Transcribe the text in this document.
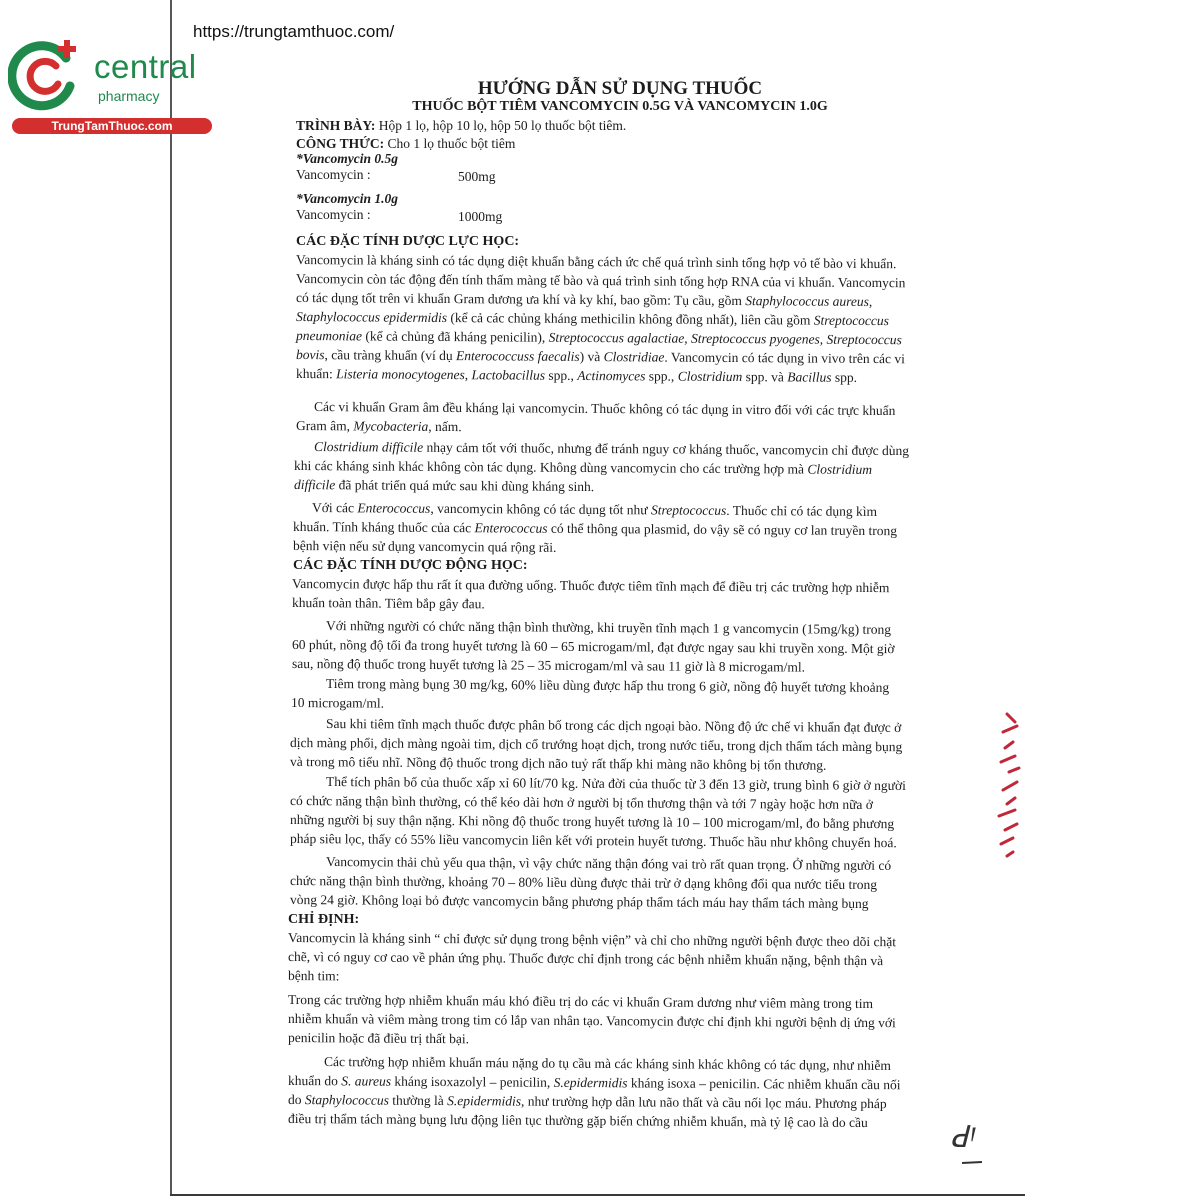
https://trungtamthuoc.com/
central
pharmacy
TrungTamThuoc.com
HƯỚNG DẪN SỬ DỤNG THUỐC
THUỐC BỘT TIÊM VANCOMYCIN 0.5G VÀ VANCOMYCIN 1.0G
TRÌNH BÀY: Hộp 1 lọ, hộp 10 lọ, hộp 50 lọ thuốc bột tiêm.
CÔNG THỨC: Cho 1 lọ thuốc bột tiêm
*Vancomycin 0.5g
Vancomycin :	500mg
*Vancomycin 1.0g
Vancomycin :	1000mg
CÁC ĐẶC TÍNH DƯỢC LỰC HỌC:
Vancomycin là kháng sinh có tác dụng diệt khuẩn bằng cách ức chế quá trình sinh tổng hợp vỏ tế bào vi khuẩn.
Vancomycin còn tác động đến tính thấm màng tế bào và quá trình sinh tổng hợp RNA của vi khuẩn. Vancomycin
có tác dụng tốt trên vi khuẩn Gram dương ưa khí và ky khí, bao gồm: Tụ cầu, gồm Staphylococcus aureus,
Staphylococcus epidermidis (kể cả các chủng kháng methicilin không đồng nhất), liên cầu gồm Streptococcus
pneumoniae (kể cả chủng đã kháng penicilin), Streptococcus agalactiae, Streptococcus pyogenes, Streptococcus
bovis, cầu tràng khuẩn (ví dụ Enterococcuss faecalis) và Clostridiae. Vancomycin có tác dụng in vivo trên các vi
khuẩn: Listeria monocytogenes, Lactobacillus spp., Actinomyces spp., Clostridium spp. và Bacillus spp.
Các vi khuẩn Gram âm đều kháng lại vancomycin. Thuốc không có tác dụng in vitro đối với các trực khuẩn
Gram âm, Mycobacteria, nấm.
Clostridium difficile nhạy cảm tốt với thuốc, nhưng để tránh nguy cơ kháng thuốc, vancomycin chỉ được dùng
khi các kháng sinh khác không còn tác dụng. Không dùng vancomycin cho các trường hợp mà Clostridium
difficile đã phát triển quá mức sau khi dùng kháng sinh.
Với các Enterococcus, vancomycin không có tác dụng tốt như Streptococcus. Thuốc chỉ có tác dụng kìm
khuẩn. Tính kháng thuốc của các Enterococcus có thể thông qua plasmid, do vậy sẽ có nguy cơ lan truyền trong
bệnh viện nếu sử dụng vancomycin quá rộng rãi.
CÁC ĐẶC TÍNH DƯỢC ĐỘNG HỌC:
Vancomycin được hấp thu rất ít qua đường uống. Thuốc được tiêm tĩnh mạch để điều trị các trường hợp nhiễm
khuẩn toàn thân. Tiêm bắp gây đau.
Với những người có chức năng thận bình thường, khi truyền tĩnh mạch 1 g vancomycin (15mg/kg) trong
60 phút, nồng độ tối đa trong huyết tương là 60 – 65 microgam/ml, đạt được ngay sau khi truyền xong. Một giờ
sau, nồng độ thuốc trong huyết tương là 25 – 35 microgam/ml và sau 11 giờ là 8 microgam/ml.
Tiêm trong màng bụng 30 mg/kg, 60% liều dùng được hấp thu trong 6 giờ, nồng độ huyết tương khoảng
10 microgam/ml.
Sau khi tiêm tĩnh mạch thuốc được phân bố trong các dịch ngoại bào. Nồng độ ức chế vi khuẩn đạt được ở
dịch màng phổi, dịch màng ngoài tim, dịch cổ trướng hoạt dịch, trong nước tiểu, trong dịch thẩm tách màng bụng
và trong mô tiểu nhĩ. Nồng độ thuốc trong dịch não tuỷ rất thấp khi màng não không bị tổn thương.
Thể tích phân bố của thuốc xấp xỉ 60 lít/70 kg. Nửa đời của thuốc từ 3 đến 13 giờ, trung bình 6 giờ ở người
có chức năng thận bình thường, có thể kéo dài hơn ở người bị tổn thương thận và tới 7 ngày hoặc hơn nữa ở
những người bị suy thận nặng. Khi nồng độ thuốc trong huyết tương là 10 – 100 microgam/ml, đo bằng phương
pháp siêu lọc, thấy có 55% liều vancomycin liên kết với protein huyết tương. Thuốc hầu như không chuyển hoá.
Vancomycin thải chủ yếu qua thận, vì vậy chức năng thận đóng vai trò rất quan trọng. Ở những người có
chức năng thận bình thường, khoảng 70 – 80% liều dùng được thải trừ ở dạng không đổi qua nước tiểu trong
vòng 24 giờ. Không loại bỏ được vancomycin bằng phương pháp thẩm tách máu hay thẩm tách màng bụng
CHỈ ĐỊNH:
Vancomycin là kháng sinh “ chỉ được sử dụng trong bệnh viện” và chỉ cho những người bệnh được theo dõi chặt
chẽ, vì có nguy cơ cao về phản ứng phụ. Thuốc được chỉ định trong các bệnh nhiễm khuẩn nặng, bệnh thận và
bệnh tim:
Trong các trường hợp nhiễm khuẩn máu khó điều trị do các vi khuẩn Gram dương như viêm màng trong tim
nhiễm khuẩn và viêm màng trong tim có lắp van nhân tạo. Vancomycin được chỉ định khi người bệnh dị ứng với
penicilin hoặc đã điều trị thất bại.
Các trường hợp nhiễm khuẩn máu nặng do tụ cầu mà các kháng sinh khác không có tác dụng, như nhiễm
khuẩn do S. aureus kháng isoxazolyl – penicilin, S.epidermidis kháng isoxa – penicilin. Các nhiễm khuẩn cầu nối
do Staphylococcus thường là S.epidermidis, như trường hợp dẫn lưu não thất và cầu nối lọc máu. Phương pháp
điều trị thẩm tách màng bụng lưu động liên tục thường gặp biến chứng nhiễm khuẩn, mà tỷ lệ cao là do cầu
ꓒꞋ
